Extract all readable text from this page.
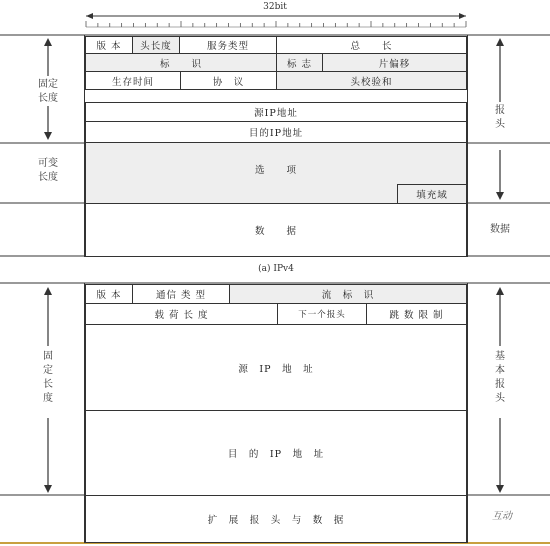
32bit
版 本	头长度	服务类型	总　　长
标　　识	标 志	片偏移
生存时间	协　议	头校验和
源IP地址
目的IP地址
选　　项
填充域
数　　据
固定
长度
可变
长度
报
头
数据
(a) IPv4
版 本	通信 类 型	流　标　识
载 荷 长 度	下一个报头	跳 数 限 制
源　IP　地　址
目　的　IP　地　址
扩　展　报　头　与　数　据
固
定
长
度
基
本
报
头
互动
